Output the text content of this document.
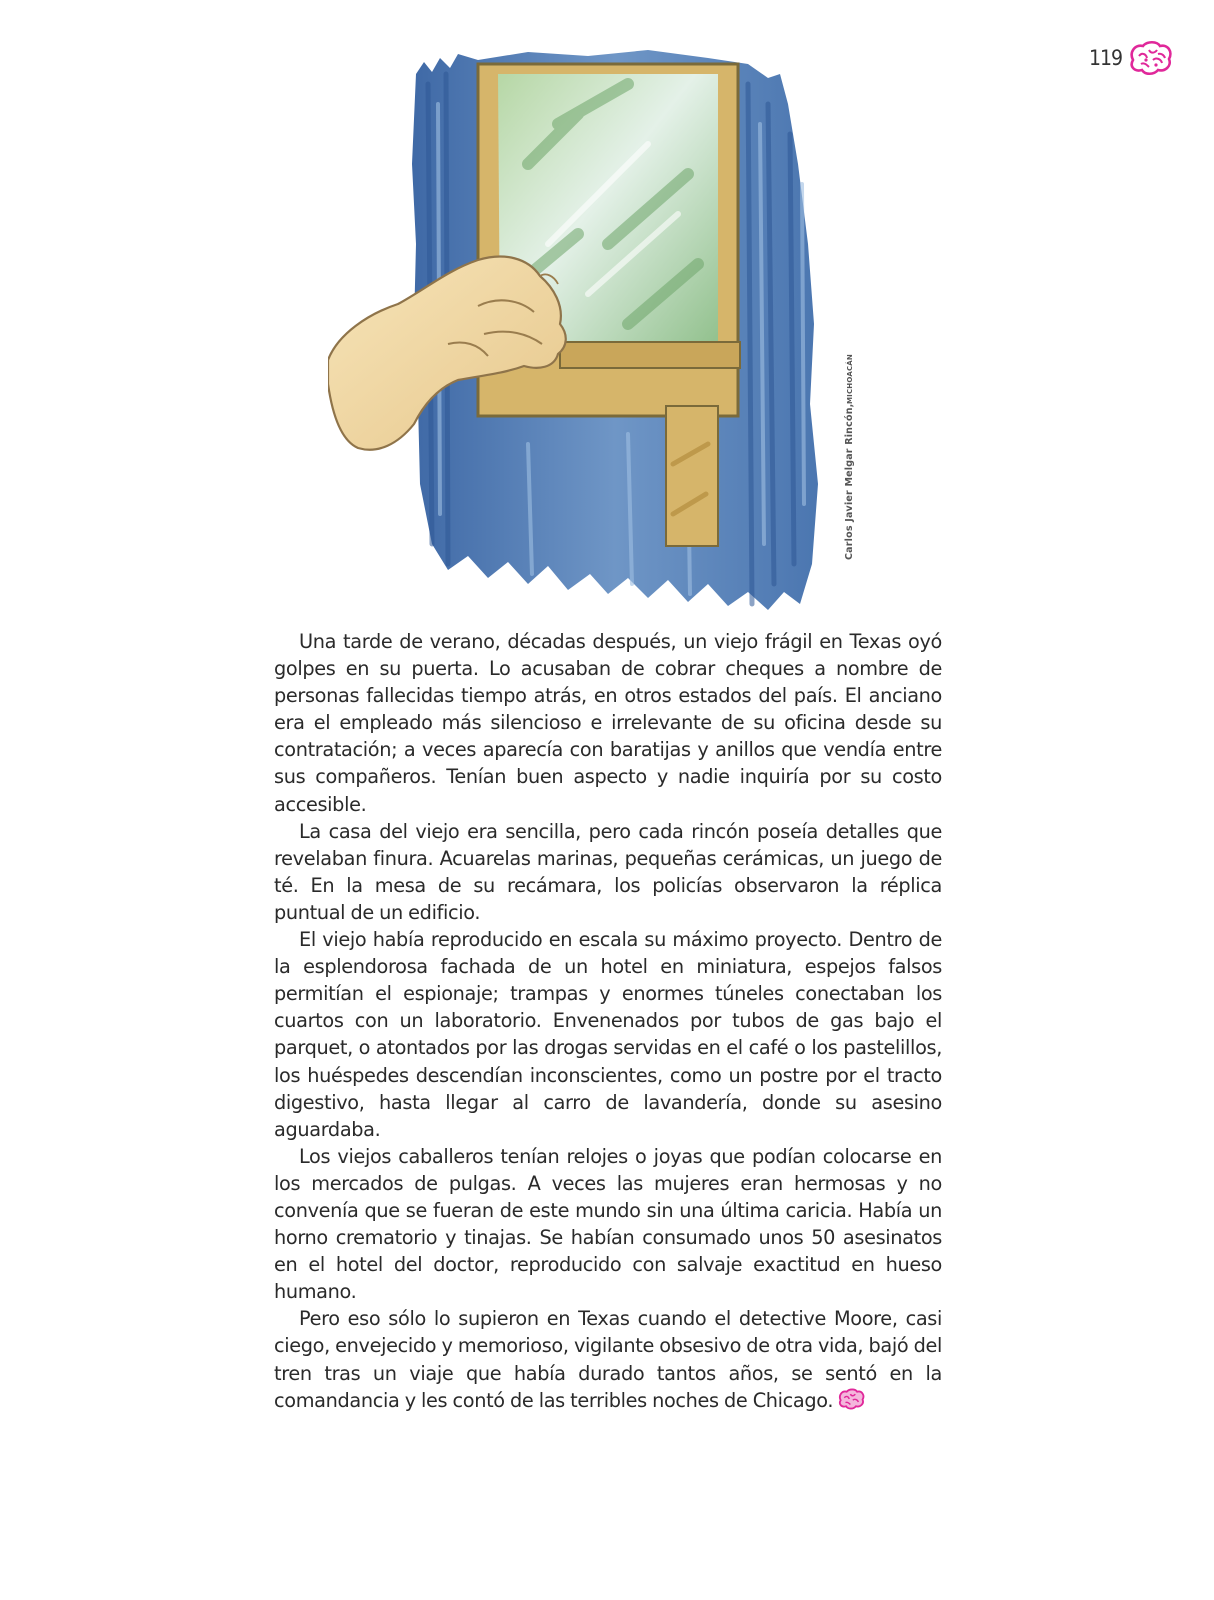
119
Carlos Javier Melgar Rincón,MICHOACÁN

Una tarde de verano, décadas después, un viejo frágil en Texas oyó golpes en su puerta. Lo acusaban de cobrar cheques a nombre de personas fallecidas tiempo atrás, en otros estados del país. El anciano era el empleado más silencioso e irrelevante de su oficina desde su contratación; a veces aparecía con baratijas y anillos que vendía entre sus compañeros. Tenían buen aspecto y nadie inquiría por su costo accesible.

La casa del viejo era sencilla, pero cada rincón poseía detalles que revelaban finura. Acuarelas marinas, pequeñas cerámicas, un juego de té. En la mesa de su recámara, los policías observaron la réplica puntual de un edificio.

El viejo había reproducido en escala su máximo proyecto. Dentro de la esplendorosa fachada de un hotel en miniatura, espejos falsos permitían el espionaje; trampas y enormes túneles conectaban los cuartos con un laboratorio. Envenenados por tubos de gas bajo el parquet, o atontados por las drogas servidas en el café o los pastelillos, los huéspedes descendían inconscientes, como un postre por el tracto digestivo, hasta llegar al carro de lavandería, donde su asesino aguardaba.

Los viejos caballeros tenían relojes o joyas que podían colocarse en los mercados de pulgas. A veces las mujeres eran hermosas y no convenía que se fueran de este mundo sin una última caricia. Había un horno crematorio y tinajas. Se habían consumado unos 50 asesinatos en el hotel del doctor, reproducido con salvaje exactitud en hueso humano.

Pero eso sólo lo supieron en Texas cuando el detective Moore, casi ciego, envejecido y memorioso, vigilante obsesivo de otra vida, bajó del tren tras un viaje que había durado tantos años, se sentó en la comandancia y les contó de las terribles noches de Chicago.
